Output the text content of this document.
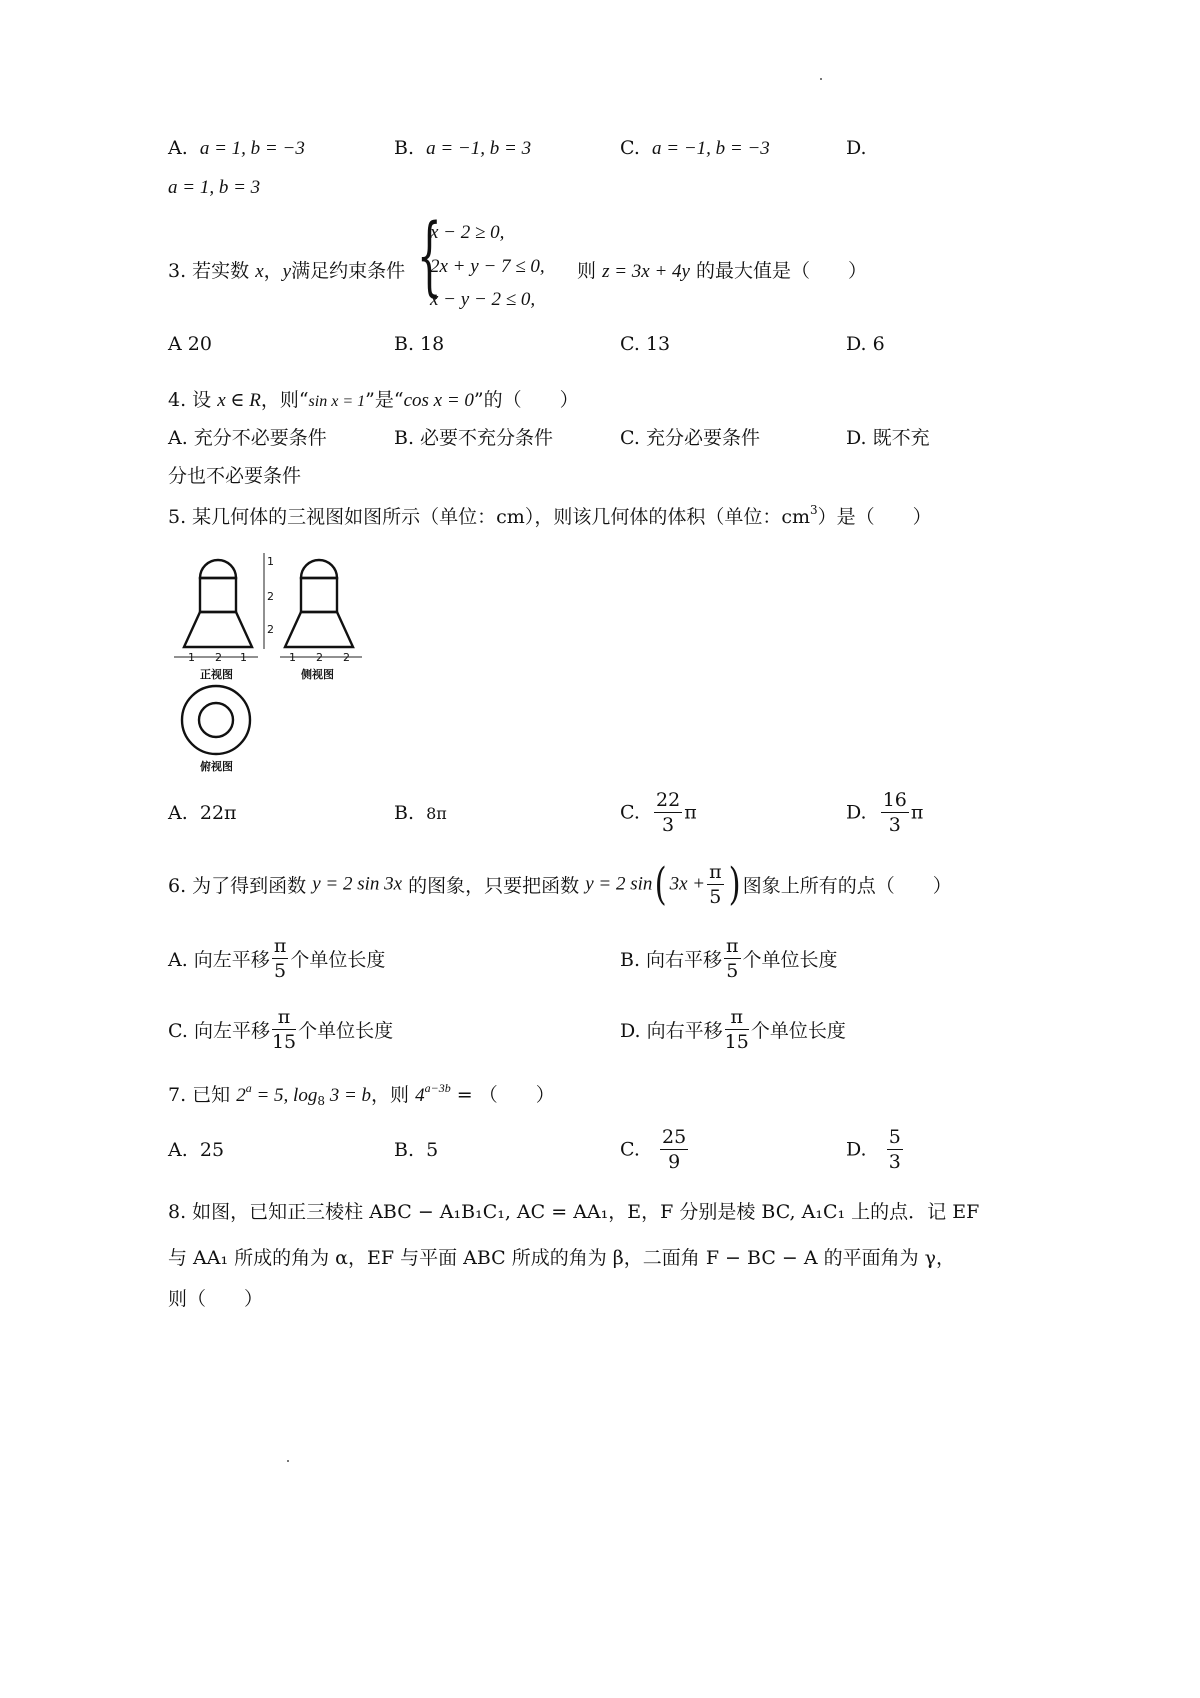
A. a = 1, b = −3	B. a = −1, b = 3	C. a = −1, b = −3	D.
a = 1, b = 3
3. 若实数 x，y满足约束条件 {
x − 2 ≥ 0,
2x + y − 7 ≤ 0,
x − y − 2 ≤ 0,
则 z = 3x + 4y 的最大值是（　　）
A 20	B. 18	C. 13	D. 6
4. 设 x ∈ R，则“sin x = 1”是“cos x = 0”的（　　）
A. 充分不必要条件	B. 必要不充分条件	C. 充分必要条件	D. 既不充
分也不必要条件
5. 某几何体的三视图如图所示（单位：cm），则该几何体的体积（单位：$cm^3$）是（　　）
1
2
2
1 2 1	1 2 2
正视图	侧视图
俯视图
A. 22π	B. 8π	C. $\frac{22}{3}$ π	D. $\frac{16}{3}$ π
6. 为了得到函数 y = 2 sin 3x 的图象，只要把函数 y = 2 sin( $3x + \frac{\pi}{5}$ ) 图象上所有的点（　　）
A. 向左平移 $\frac{\pi}{5}$ 个单位长度	B. 向右平移 $\frac{\pi}{5}$ 个单位长度
C. 向左平移 $\frac{\pi}{15}$ 个单位长度	D. 向右平移 $\frac{\pi}{15}$ 个单位长度
7. 已知 $2^a = 5$, $\log_8 3 = b$，则 $4^{a-3b}$ = （　　）
A. 25	B. 5	C. $\frac{25}{9}$	D. $\frac{5}{3}$
8. 如图，已知正三棱柱 ABC − A₁B₁C₁, AC = AA₁，E，F 分别是棱 BC, A₁C₁ 上的点．记 EF
与 AA₁ 所成的角为 α，EF 与平面 ABC 所成的角为 β，二面角 F − BC − A 的平面角为 γ，
则（　　）
